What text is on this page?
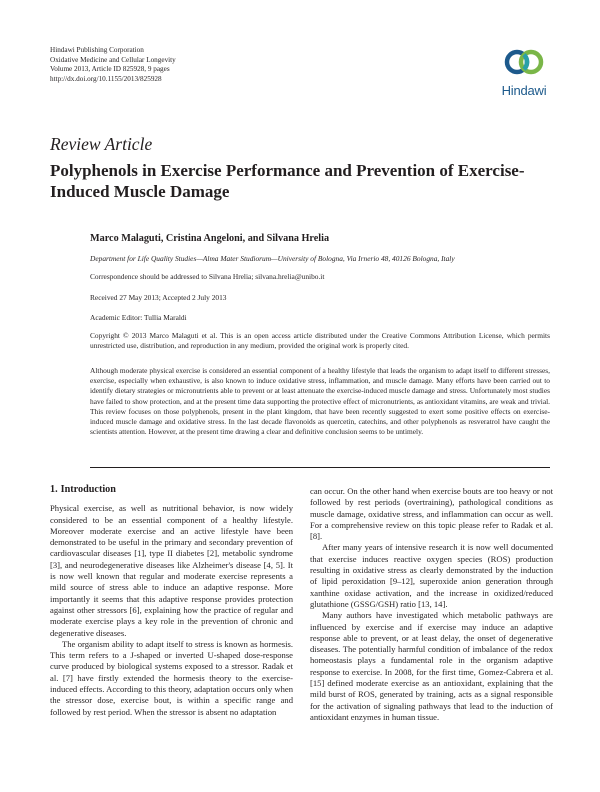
Hindawi Publishing Corporation
Oxidative Medicine and Cellular Longevity
Volume 2013, Article ID 825928, 9 pages
http://dx.doi.org/10.1155/2013/825928
Hindawi
Review Article
Polyphenols in Exercise Performance and Prevention of Exercise-Induced Muscle Damage
Marco Malaguti, Cristina Angeloni, and Silvana Hrelia
Department for Life Quality Studies—Alma Mater Studiorum—University of Bologna, Via Irnerio 48, 40126 Bologna, Italy
Correspondence should be addressed to Silvana Hrelia; silvana.hrelia@unibo.it
Received 27 May 2013; Accepted 2 July 2013
Academic Editor: Tullia Maraldi
Copyright © 2013 Marco Malaguti et al. This is an open access article distributed under the Creative Commons Attribution License, which permits unrestricted use, distribution, and reproduction in any medium, provided the original work is properly cited.
Although moderate physical exercise is considered an essential component of a healthy lifestyle that leads the organism to adapt itself to different stresses, exercise, especially when exhaustive, is also known to induce oxidative stress, inflammation, and muscle damage. Many efforts have been carried out to identify dietary strategies or micronutrients able to prevent or at least attenuate the exercise-induced muscle damage and stress. Unfortunately most studies have failed to show protection, and at the present time data supporting the protective effect of micronutrients, as antioxidant vitamins, are weak and trivial. This review focuses on those polyphenols, present in the plant kingdom, that have been recently suggested to exert some positive effects on exercise-induced muscle damage and oxidative stress. In the last decade flavonoids as quercetin, catechins, and other polyphenols as resveratrol have caught the scientists attention. However, at the present time drawing a clear and definitive conclusion seems to be untimely.
1. Introduction

Physical exercise, as well as nutritional behavior, is now widely considered to be an essential component of a healthy lifestyle. Moreover moderate exercise and an active lifestyle have been demonstrated to be useful in the primary and secondary prevention of cardiovascular diseases [1], type II diabetes [2], metabolic syndrome [3], and neurodegenerative diseases like Alzheimer's disease [4, 5]. It is now well known that regular and moderate exercise represents a mild source of stress able to induce an adaptive response. More importantly it seems that this adaptive response provides protection against other stressors [6], explaining how the practice of regular and moderate exercise plays a key role in the prevention of chronic and degenerative diseases.

The organism ability to adapt itself to stress is known as hormesis. This term refers to a J-shaped or inverted U-shaped dose-response curve produced by biological systems exposed to a stressor. Radak et al. [7] have firstly extended the hormesis theory to the exercise-induced effects. According to this theory, adaptation occurs only when the stressor dose, exercise bout, is within a specific range and followed by rest period. When the stressor is absent no adaptation

can occur. On the other hand when exercise bouts are too heavy or not followed by rest periods (overtraining), pathological conditions as muscle damage, oxidative stress, and inflammation can occur as well. For a comprehensive review on this topic please refer to Radak et al. [8].

After many years of intensive research it is now well documented that exercise induces reactive oxygen species (ROS) production resulting in oxidative stress as clearly demonstrated by the induction of lipid peroxidation [9–12], superoxide anion generation through xanthine oxidase activation, and the increase in oxidized/reduced glutathione (GSSG/GSH) ratio [13, 14].

Many authors have investigated which metabolic pathways are influenced by exercise and if exercise may induce an adaptive response able to prevent, or at least delay, the onset of degenerative diseases. The potentially harmful condition of imbalance of the redox homeostasis plays a fundamental role in the organism adaptive response to exercise. In 2008, for the first time, Gomez-Cabrera et al. [15] defined moderate exercise as an antioxidant, explaining that the mild burst of ROS, generated by training, acts as a signal responsible for the activation of signaling pathways that lead to the induction of antioxidant enzymes in human tissue.
